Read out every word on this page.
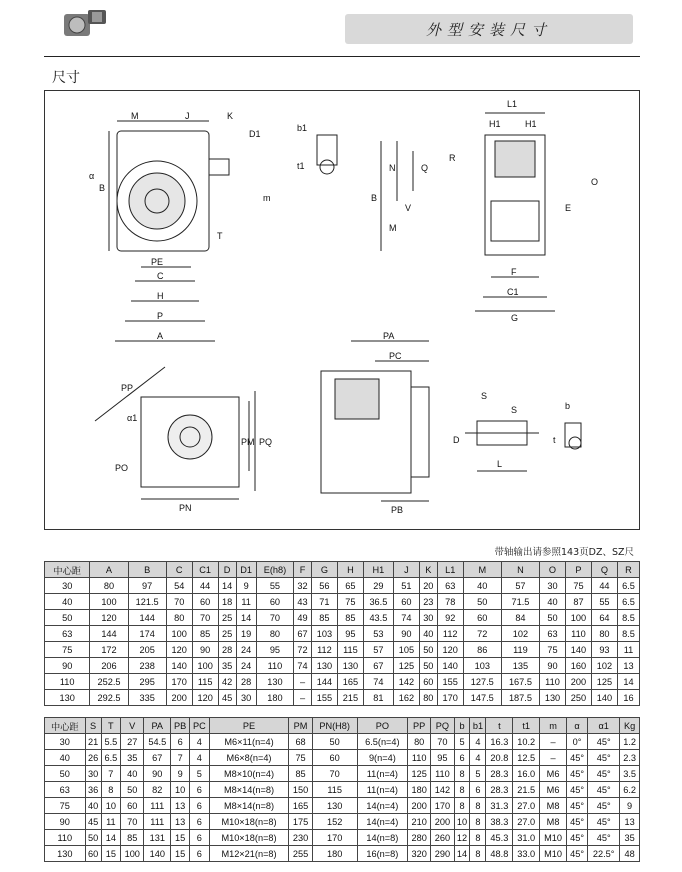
外型安装尺寸
尺寸
M	J	K
D1
α
m
T
PE
C
H
P
A
B
b1
t1
L1
H1	H1
B
N
V
M
Q
R
O
E
F
C1
G
PP
α1
PM PQ
PO
PN
PA
PC
PB
S
S
D
L
b
t
带轴输出请参照143页DZ、SZ尺
中心距	A	B	C	C1	D	D1	E(h8)	F	G	H	H1	J	K	L1	M	N	O	P	Q	R
30	80	97	54	44	14	9	55	32	56	65	29	51	20	63	40	57	30	75	44	6.5
40	100	121.5	70	60	18	11	60	43	71	75	36.5	60	23	78	50	71.5	40	87	55	6.5
50	120	144	80	70	25	14	70	49	85	85	43.5	74	30	92	60	84	50	100	64	8.5
63	144	174	100	85	25	19	80	67	103	95	53	90	40	112	72	102	63	110	80	8.5
75	172	205	120	90	28	24	95	72	112	115	57	105	50	120	86	119	75	140	93	11
90	206	238	140	100	35	24	110	74	130	130	67	125	50	140	103	135	90	160	102	13
110	252.5	295	170	115	42	28	130	–	144	165	74	142	60	155	127.5	167.5	110	200	125	14
130	292.5	335	200	120	45	30	180	–	155	215	81	162	80	170	147.5	187.5	130	250	140	16
中心距	S	T	V	PA	PB	PC	PE	PM	PN(H8)	PO	PP	PQ	b	b1	t	t1	m	α	α1	Kg
30	21	5.5	27	54.5	6	4	M6×11(n=4)	68	50	6.5(n=4)	80	70	5	4	16.3	10.2	–	0°	45°	1.2
40	26	6.5	35	67	7	4	M6×8(n=4)	75	60	9(n=4)	110	95	6	4	20.8	12.5	–	45°	45°	2.3
50	30	7	40	90	9	5	M8×10(n=4)	85	70	11(n=4)	125	110	8	5	28.3	16.0	M6	45°	45°	3.5
63	36	8	50	82	10	6	M8×14(n=8)	150	115	11(n=4)	180	142	8	6	28.3	21.5	M6	45°	45°	6.2
75	40	10	60	111	13	6	M8×14(n=8)	165	130	14(n=4)	200	170	8	8	31.3	27.0	M8	45°	45°	9
90	45	11	70	111	13	6	M10×18(n=8)	175	152	14(n=4)	210	200	10	8	38.3	27.0	M8	45°	45°	13
110	50	14	85	131	15	6	M10×18(n=8)	230	170	14(n=8)	280	260	12	8	45.3	31.0	M10	45°	45°	35
130	60	15	100	140	15	6	M12×21(n=8)	255	180	16(n=8)	320	290	14	8	48.8	33.0	M10	45°	22.5°	48
